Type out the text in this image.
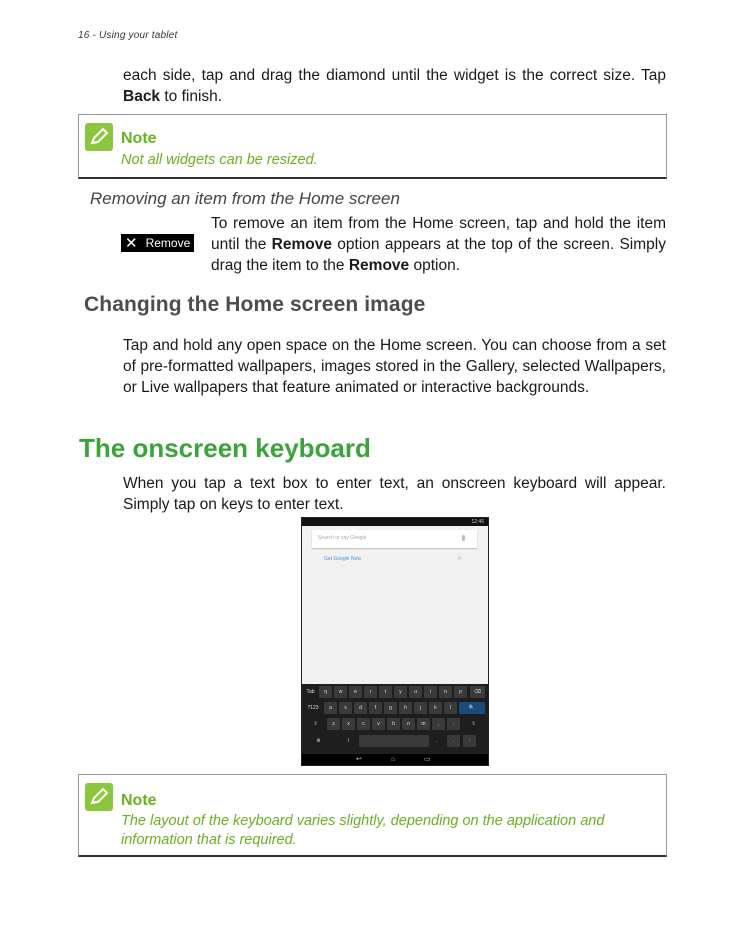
16 - Using your tablet
each side, tap and drag the diamond until the widget is the correct size. Tap Back to finish.
Note
Not all widgets can be resized.
Removing an item from the Home screen
✕ Remove
To remove an item from the Home screen, tap and hold the item until the Remove option appears at the top of the screen. Simply drag the item to the Remove option.
Changing the Home screen image
Tap and hold any open space on the Home screen. You can choose from a set of pre-formatted wallpapers, images stored in the Gallery, selected Wallpapers, or Live wallpapers that feature animated or interactive backgrounds.
The onscreen keyboard
When you tap a text box to enter text, an onscreen keyboard will appear. Simply tap on keys to enter text.
12:46
Search or say Google
Get Google Now	✕
Tab	q	w	e	r	t	y	u	i	o	p	⌫
?123	a	s	d	f	g	h	j	k	l	🔍
⇧	z	x	c	v	b	n	m	,	.	⇧
⚙	/	.	.	:
↩	⌂	▭
Note
The layout of the keyboard varies slightly, depending on the application and information that is required.
